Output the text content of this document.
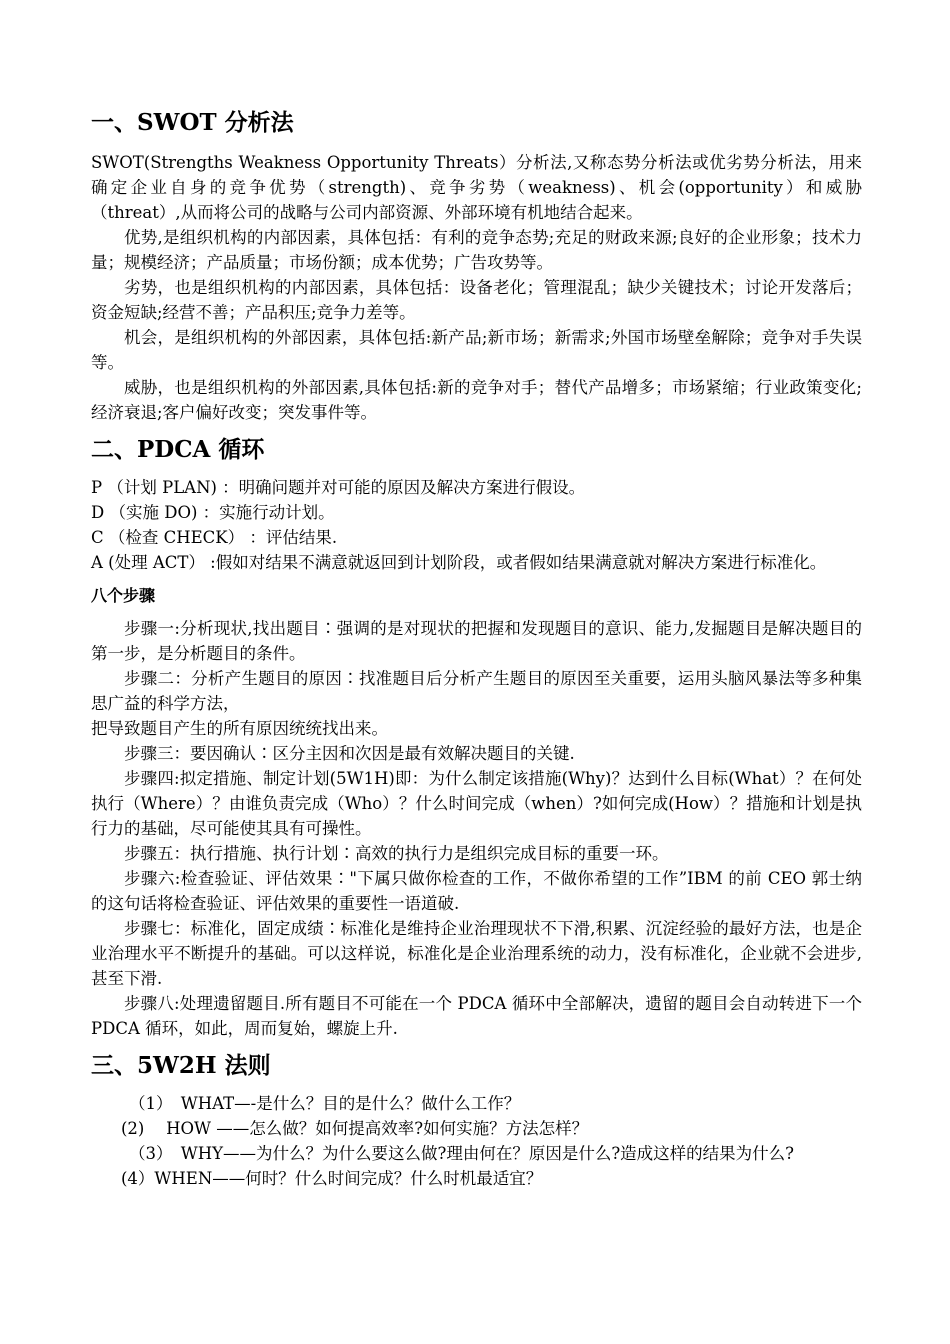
一、SWOT 分析法

SWOT(Strengths Weakness Opportunity Threats）分析法,又称态势分析法或优劣势分析法，用来确定企业自身的竞争优势（strength)、竞争劣势（weakness)、机会(opportunity）和威胁（threat）,从而将公司的战略与公司内部资源、外部环境有机地结合起来。

优势,是组织机构的内部因素，具体包括：有利的竞争态势;充足的财政来源;良好的企业形象；技术力量；规模经济；产品质量；市场份额；成本优势；广告攻势等。

劣势，也是组织机构的内部因素，具体包括：设备老化；管理混乱；缺少关键技术；讨论开发落后；资金短缺;经营不善；产品积压;竞争力差等。

机会，是组织机构的外部因素，具体包括:新产品;新市场；新需求;外国市场壁垒解除；竞争对手失误等。

威胁，也是组织机构的外部因素,具体包括:新的竞争对手；替代产品增多；市场紧缩；行业政策变化;经济衰退;客户偏好改变；突发事件等。

二、PDCA 循环

P （计划 PLAN) ：明确问题并对可能的原因及解决方案进行假设。

D （实施 DO) ：实施行动计划。

C （检查 CHECK） ：评估结果.

A (处理 ACT） :假如对结果不满意就返回到计划阶段，或者假如结果满意就对解决方案进行标准化。

八个步骤

步骤一:分析现状,找出题目∶强调的是对现状的把握和发现题目的意识、能力,发掘题目是解决题目的第一步，是分析题目的条件。

步骤二：分析产生题目的原因∶找准题目后分析产生题目的原因至关重要，运用头脑风暴法等多种集思广益的科学方法，

把导致题目产生的所有原因统统找出来。

步骤三：要因确认∶区分主因和次因是最有效解决题目的关键.

步骤四:拟定措施、制定计划(5W1H)即：为什么制定该措施(Why)？达到什么目标(What）？在何处执行（Where）？由谁负责完成（Who）？什么时间完成（when）?如何完成(How）？措施和计划是执行力的基础，尽可能使其具有可操性。

步骤五：执行措施、执行计划∶高效的执行力是组织完成目标的重要一环。

步骤六:检查验证、评估效果∶"下属只做你检查的工作，不做你希望的工作”IBM 的前 CEO 郭士纳的这句话将检查验证、评估效果的重要性一语道破.

步骤七：标准化，固定成绩∶标准化是维持企业治理现状不下滑,积累、沉淀经验的最好方法，也是企业治理水平不断提升的基础。可以这样说，标准化是企业治理系统的动力，没有标准化，企业就不会进步,甚至下滑.

步骤八:处理遗留题目.所有题目不可能在一个 PDCA 循环中全部解决，遗留的题目会自动转进下一个 PDCA 循环，如此，周而复始，螺旋上升.

三、5W2H 法则

（1）　WHAT—-是什么？目的是什么？做什么工作？

(2)　 HOW ——怎么做？如何提高效率?如何实施？方法怎样？

（3）　WHY——为什么？为什么要这么做?理由何在？原因是什么?造成这样的结果为什么?

(4）WHEN——何时？什么时间完成？什么时机最适宜？
